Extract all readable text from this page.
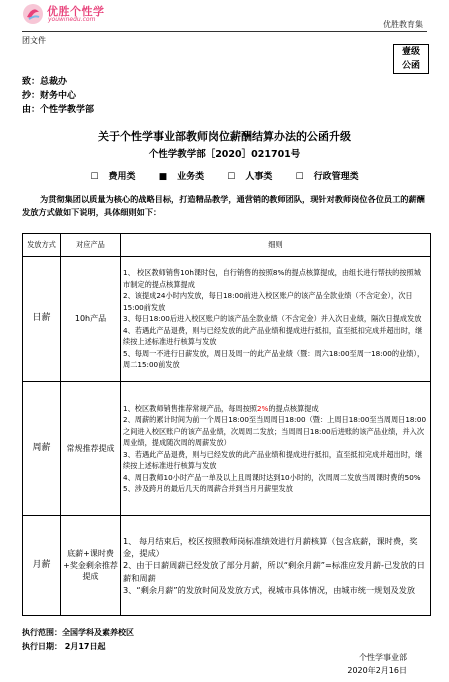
优胜个性学
youwinedu.com
优胜教育集
团文件
壹级
公函
致：总裁办
抄：财务中心
由：个性学教学部
关于个性学事业部教师岗位薪酬结算办法的公函升级
个性学教学部［2020］021701号
☐ 费用类	■ 业务类	☐ 人事类	☐ 行政管理类
为贯彻集团以质量为核心的战略目标，打造精品教学，通营销的教师团队，现针对教师岗位各位员工的薪酬发放方式做如下说明，具体细则如下：
发放方式	对应产品	细则
日薪	10h产品	1、 校区教师销售10h课时包，自行销售的按照8%的提点核算提成，由组长进行帮扶的按照城市制定的提点核算提成
2、该提成24小时内发放，每日18:00前进入校区账户的该产品全款业绩（不含定金），次日15:00前发放
3、每日18:00后进入校区账户的该产品全款业绩（不含定金）并入次日业绩，隔次日提成发放
4、若遇此产品退费，则与已经发放的此产品业绩和提成进行抵扣，直至抵扣完成并超出时，继续按上述标准进行核算与发放
5、每周一不进行日薪发放，周日及周一的此产品业绩（暨：周六18:00至周一18:00的业绩），周二15:00前发放

周薪	常规推荐提成	1、校区教师销售推荐常规产品，每周按照2%的提点核算提成
2、周薪的累计时间为前一个周日18:00至当周周日18:00（暨：上周日18:00至当周周日18:00之间进入校区账户的该产品业绩，次周周二发放；当周周日18:00后进账的该产品业绩，并入次周业绩，提成随次周的周薪发放）
3、若遇此产品退费，则与已经发放的此产品业绩和提成进行抵扣，直至抵扣完成并超出时，继续按上述标准进行核算与发放
4、周日教师10小时产品一单及以上且周课时达到10小时的，次周周二发放当周课时费的50%
5、涉及跨月的最后几天的周薪合并到当月月薪里发放

月薪	底薪+课时费+奖金剩余推荐提成	1、 每月结束后，校区按照教师岗标准绩效进行月薪核算（包含底薪，课时费，奖金，提成）
2、由于日薪周薪已经发放了部分月薪，所以“剩余月薪”=标准应发月薪-已发放的日薪和周薪
3、“剩余月薪”的发放时间及发放方式，视城市具体情况，由城市统一规划及发放
执行范围：全国学科及素养校区
执行日期： 2月17日起
个性学事业部
2020年2月16日
